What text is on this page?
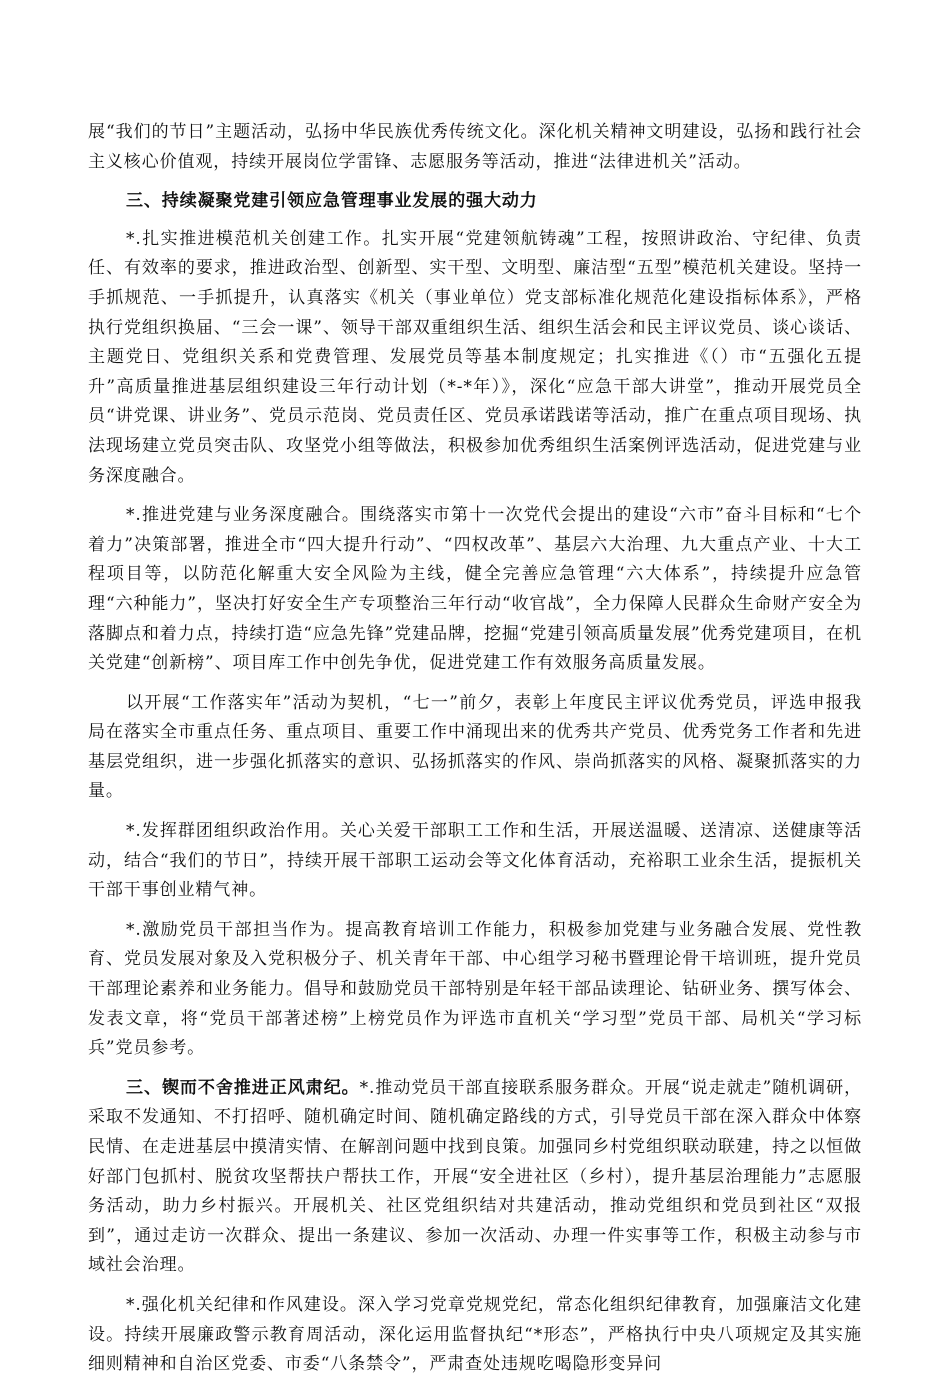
展“我们的节日”主题活动，弘扬中华民族优秀传统文化。深化机关精神文明建设，弘扬和践行社会主义核心价值观，持续开展岗位学雷锋、志愿服务等活动，推进“法律进机关”活动。

三、持续凝聚党建引领应急管理事业发展的强大动力

*.扎实推进模范机关创建工作。扎实开展“党建领航铸魂”工程，按照讲政治、守纪律、负责任、有效率的要求，推进政治型、创新型、实干型、文明型、廉洁型“五型”模范机关建设。坚持一手抓规范、一手抓提升，认真落实《机关（事业单位）党支部标准化规范化建设指标体系》，严格执行党组织换届、“三会一课”、领导干部双重组织生活、组织生活会和民主评议党员、谈心谈话、主题党日、党组织关系和党费管理、发展党员等基本制度规定；扎实推进《（）市“五强化五提升”高质量推进基层组织建设三年行动计划（*-*年）》，深化“应急干部大讲堂”，推动开展党员全员“讲党课、讲业务”、党员示范岗、党员责任区、党员承诺践诺等活动，推广在重点项目现场、执法现场建立党员突击队、攻坚党小组等做法，积极参加优秀组织生活案例评选活动，促进党建与业务深度融合。

*.推进党建与业务深度融合。围绕落实市第十一次党代会提出的建设“六市”奋斗目标和“七个着力”决策部署，推进全市“四大提升行动”、“四权改革”、基层六大治理、九大重点产业、十大工程项目等，以防范化解重大安全风险为主线，健全完善应急管理“六大体系”，持续提升应急管理“六种能力”，坚决打好安全生产专项整治三年行动“收官战”，全力保障人民群众生命财产安全为落脚点和着力点，持续打造“应急先锋”党建品牌，挖掘“党建引领高质量发展”优秀党建项目，在机关党建“创新榜”、项目库工作中创先争优，促进党建工作有效服务高质量发展。

以开展“工作落实年”活动为契机，“七一”前夕，表彰上年度民主评议优秀党员，评选申报我局在落实全市重点任务、重点项目、重要工作中涌现出来的优秀共产党员、优秀党务工作者和先进基层党组织，进一步强化抓落实的意识、弘扬抓落实的作风、崇尚抓落实的风格、凝聚抓落实的力量。

*.发挥群团组织政治作用。关心关爱干部职工工作和生活，开展送温暖、送清凉、送健康等活动，结合“我们的节日”，持续开展干部职工运动会等文化体育活动，充裕职工业余生活，提振机关干部干事创业精气神。

*.激励党员干部担当作为。提高教育培训工作能力，积极参加党建与业务融合发展、党性教育、党员发展对象及入党积极分子、机关青年干部、中心组学习秘书暨理论骨干培训班，提升党员干部理论素养和业务能力。倡导和鼓励党员干部特别是年轻干部品读理论、钻研业务、撰写体会、发表文章，将“党员干部著述榜”上榜党员作为评选市直机关“学习型”党员干部、局机关“学习标兵”党员参考。

三、锲而不舍推进正风肃纪。*.推动党员干部直接联系服务群众。开展“说走就走”随机调研，采取不发通知、不打招呼、随机确定时间、随机确定路线的方式，引导党员干部在深入群众中体察民情、在走进基层中摸清实情、在解剖问题中找到良策。加强同乡村党组织联动联建，持之以恒做好部门包抓村、脱贫攻坚帮扶户帮扶工作，开展“安全进社区（乡村），提升基层治理能力”志愿服务活动，助力乡村振兴。开展机关、社区党组织结对共建活动，推动党组织和党员到社区“双报到”，通过走访一次群众、提出一条建议、参加一次活动、办理一件实事等工作，积极主动参与市域社会治理。

*.强化机关纪律和作风建设。深入学习党章党规党纪，常态化组织纪律教育，加强廉洁文化建设。持续开展廉政警示教育周活动，深化运用监督执纪“*形态”，严格执行中央八项规定及其实施细则精神和自治区党委、市委“八条禁令”，严肃查处违规吃喝隐形变异问
